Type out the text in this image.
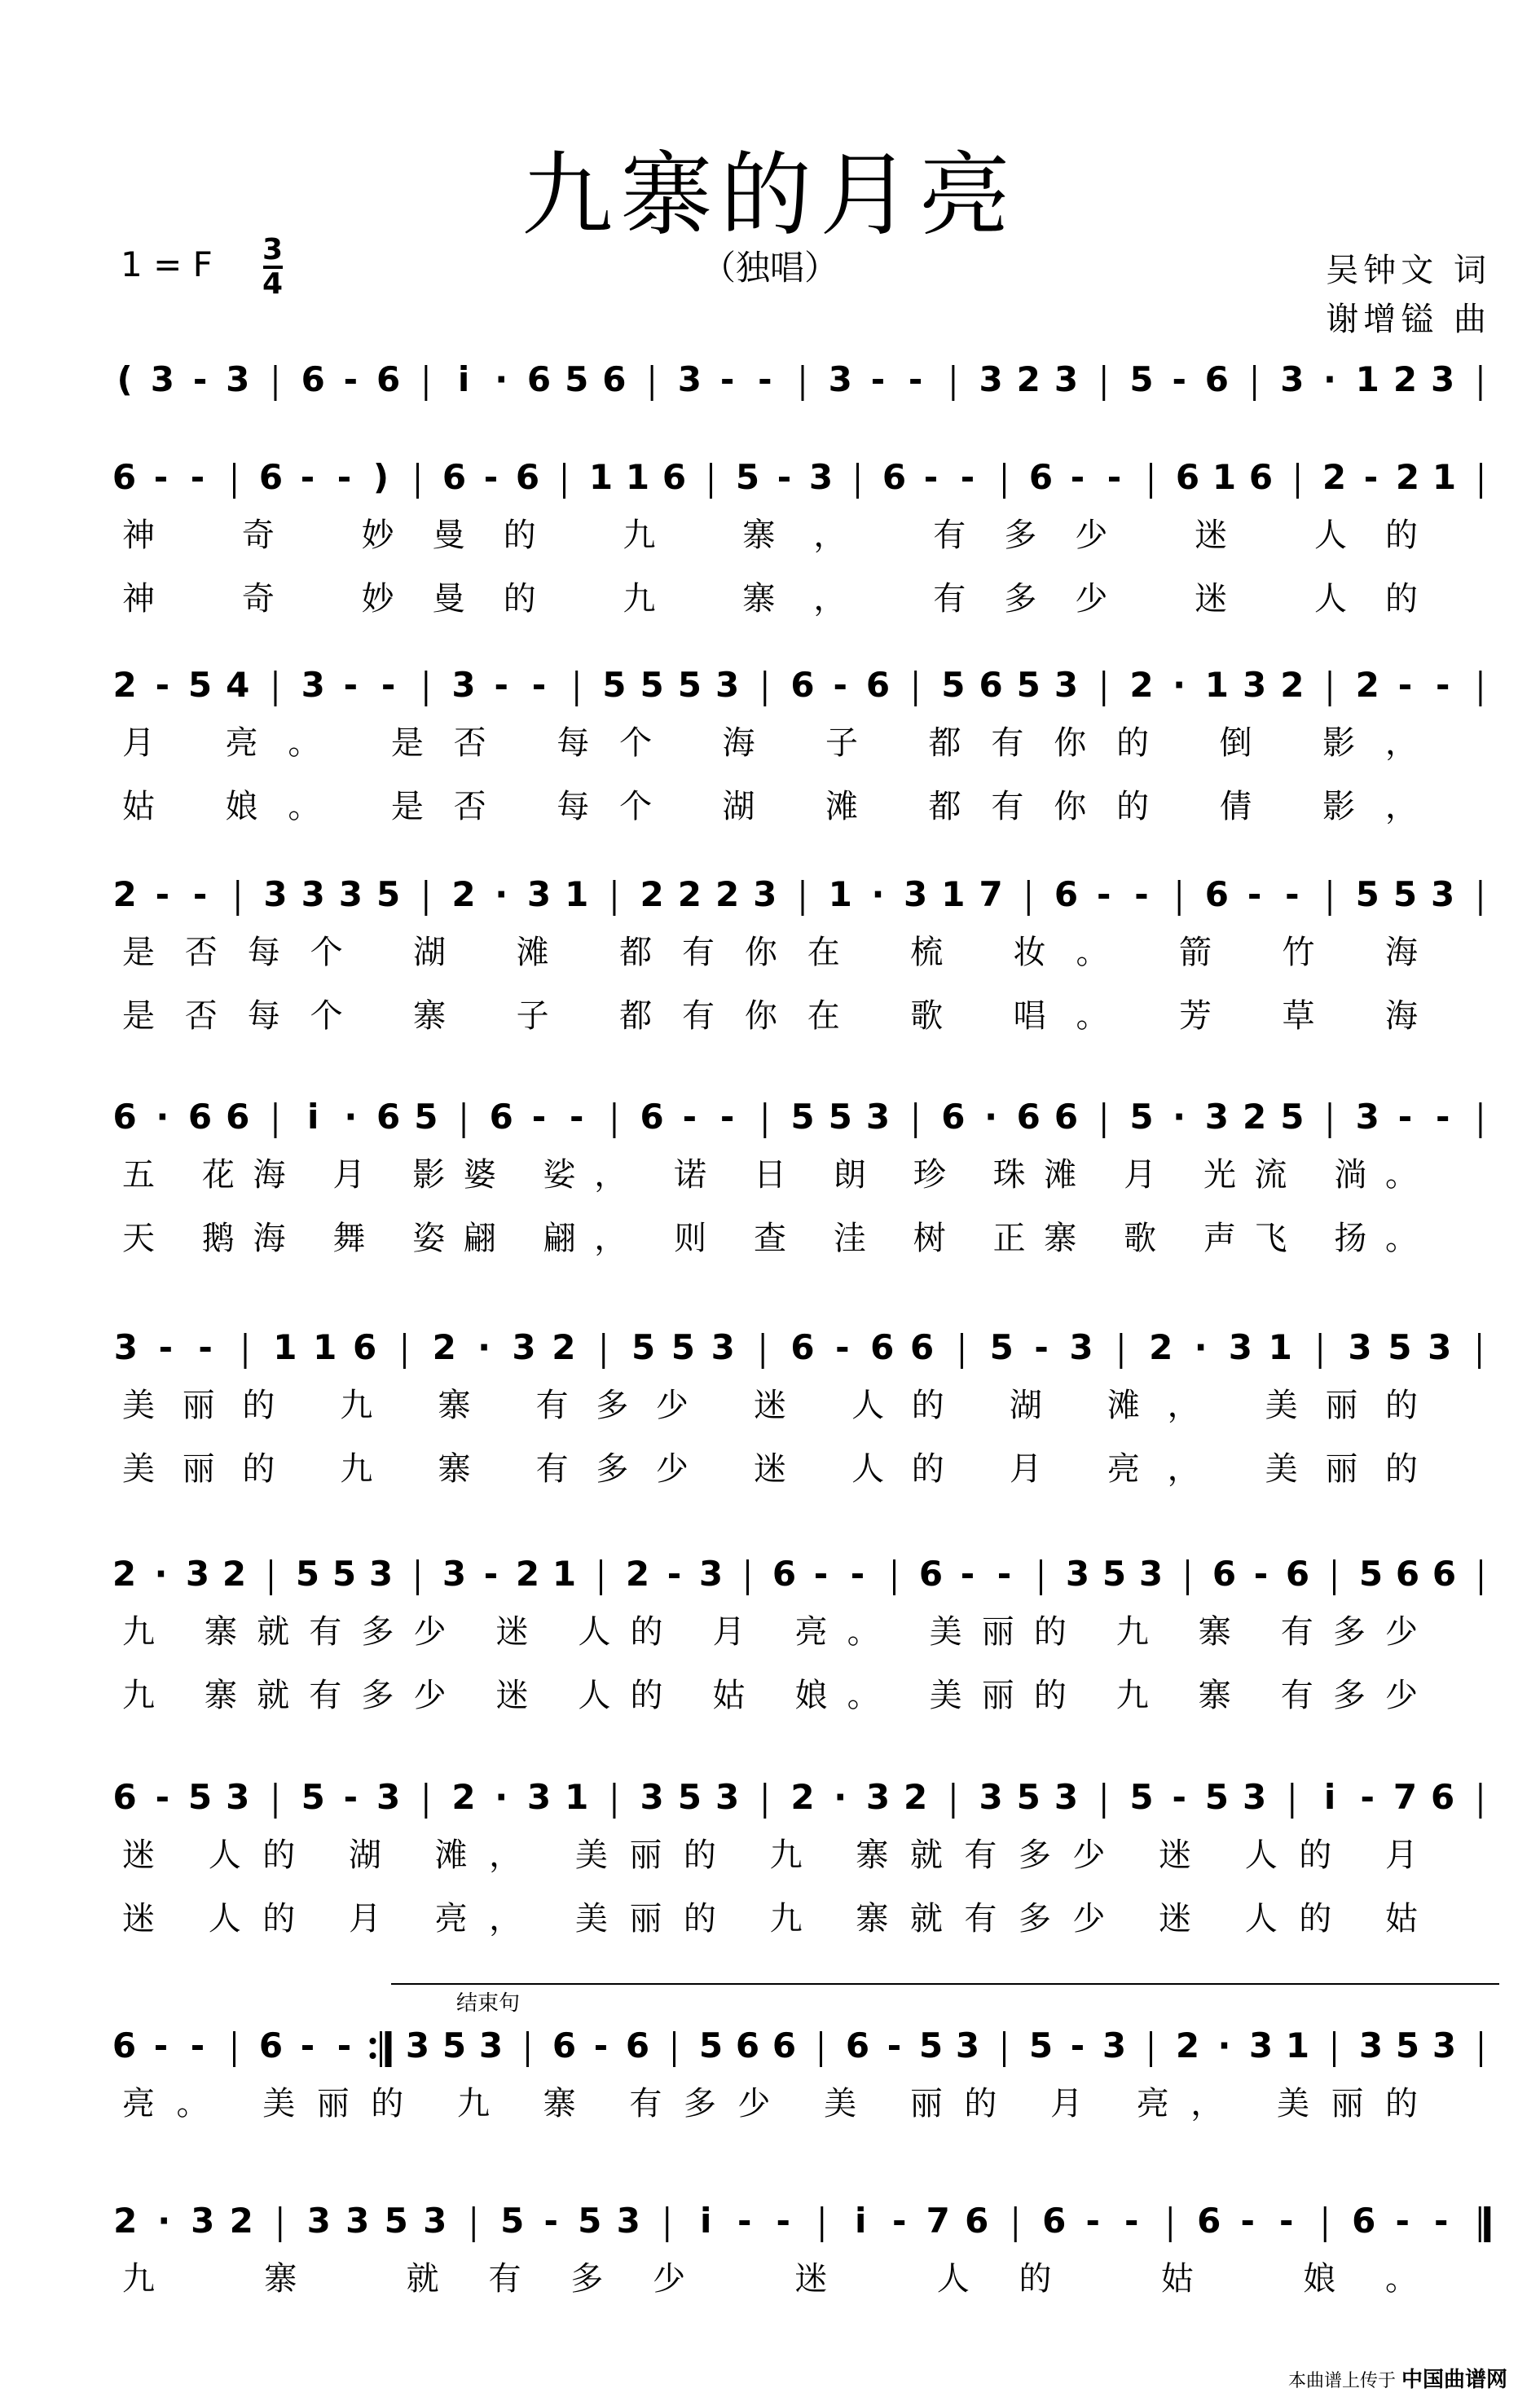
九寨的月亮
（独唱）
1 = F 3
4	吴钟文 词
谢增镒 曲
( 3 - 3 6 - 6 i · 6 5 6 3 - - 3 - - 3 2 3 5 - 6 3 · 1 2 3
6 - - 6 - - ) 6 - 6 1 1 6 5 - 3 6 - - 6 - - 6 1 6 2 - 2 1
神 奇 妙曼的 九 寨， 有多少 迷 人的
神 奇 妙曼的 九 寨， 有多少 迷 人的
2 - 5 4 3 - - 3 - - 5 5 5 3 6 - 6 5 6 5 3 2 · 1 3 2 2 - -
月 亮。 是否 每个 海 子 都有你的 倒 影，
姑 娘。 是否 每个 湖 滩 都有你的 倩 影，
2 - - 3 3 3 5 2 · 3 1 2 2 2 3 1 · 3 1 7 6 - - 6 - - 5 5 3
是否每个 湖 滩 都有你在 梳 妆。 箭 竹 海
是否每个 寨 子 都有你在 歌 唱。 芳 草 海
6 · 6 6 i · 6 5 6 - - 6 - - 5 5 3 6 · 6 6 5 · 3 2 5 3 - -
五 花海 月 影婆 娑， 诺 日 朗 珍 珠滩 月 光流 淌。
天 鹅海 舞 姿翩 翩， 则 查 洼 树 正寨 歌 声飞 扬。
3 - - 1 1 6 2 · 3 2 5 5 3 6 - 6 6 5 - 3 2 · 3 1 3 5 3
美丽的 九 寨 有多少 迷 人的 湖 滩， 美丽的
美丽的 九 寨 有多少 迷 人的 月 亮， 美丽的
2 · 3 2 5 5 3 3 - 2 1 2 - 3 6 - - 6 - - 3 5 3 6 - 6 5 6 6
九 寨就有多少 迷 人的 月 亮。 美丽的 九 寨 有多少
九 寨就有多少 迷 人的 姑 娘。 美丽的 九 寨 有多少
6 - 5 3 5 - 3 2 · 3 1 3 5 3 2 · 3 2 3 5 3 5 - 5 3 i - 7 6
迷 人的 湖 滩， 美丽的 九 寨就有多少 迷 人的 月
迷 人的 月 亮， 美丽的 九 寨就有多少 迷 人的 姑
6 - - 6 - - 3 5 3 6 - 6 5 6 6 6 - 5 3 5 - 3 2 · 3 1 3 5 3
结束句
亮。 美丽的 九 寨 有多少 美 丽的 月 亮， 美丽的
2 · 3 2 3 3 5 3 5 - 5 3 i - - i - 7 6 6 - - 6 - - 6 - -
九 寨 就有多少 迷 人的 姑 娘。
本曲谱上传于 中国曲谱网
